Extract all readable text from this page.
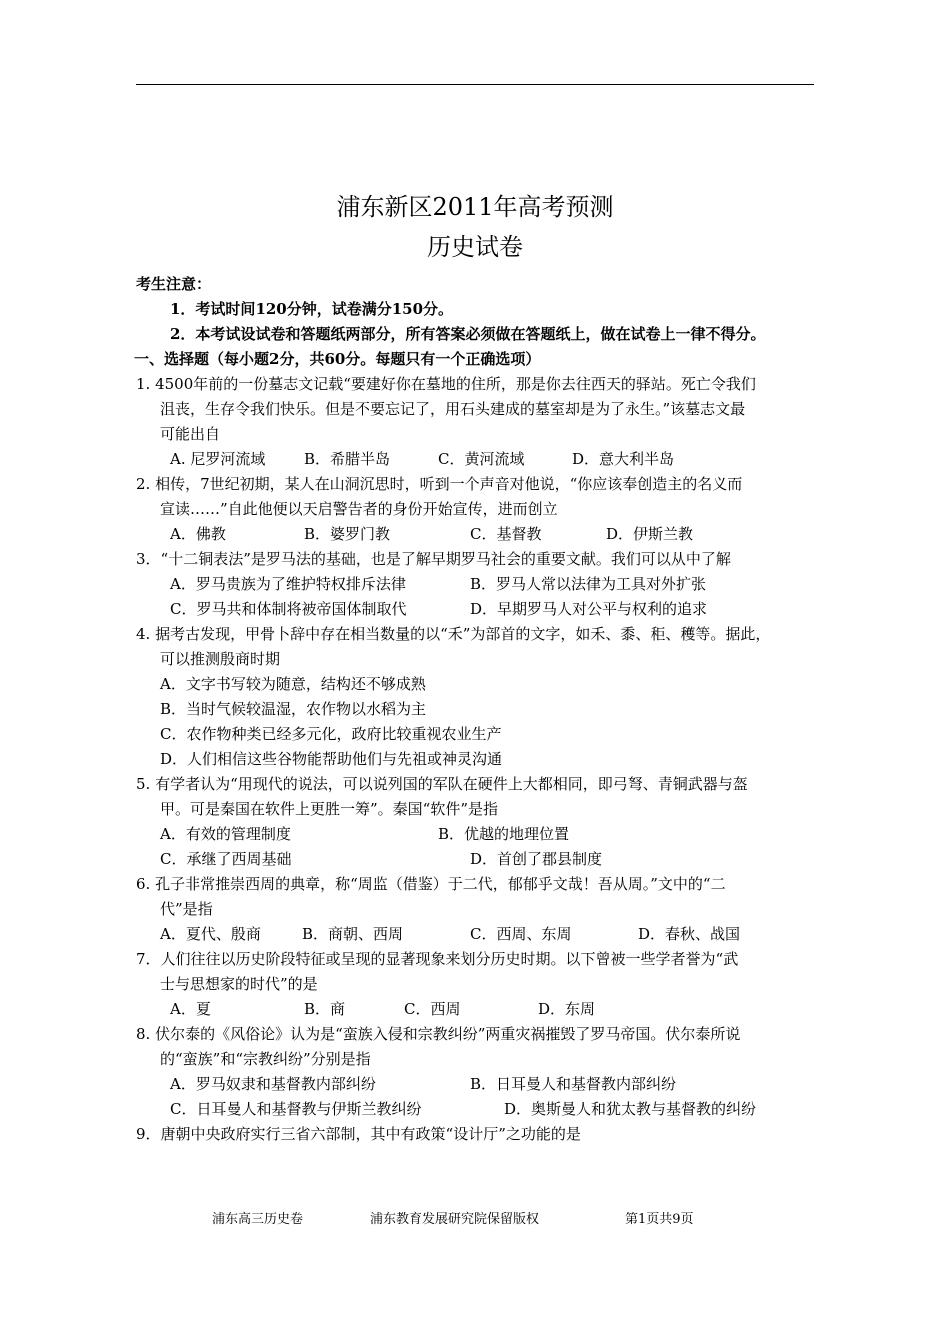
浦东新区2011年高考预测
历史试卷
考生注意：
1．考试时间120分钟，试卷满分150分。
2．本考试设试卷和答题纸两部分，所有答案必须做在答题纸上，做在试卷上一律不得分。
一、选择题（每小题2分，共60分。每题只有一个正确选项）
1. 4500年前的一份墓志文记载“要建好你在墓地的住所，那是你去往西天的驿站。死亡令我们
沮丧，生存令我们快乐。但是不要忘记了，用石头建成的墓室却是为了永生。”该墓志文最
可能出自
A. 尼罗河流域	B．希腊半岛	C．黄河流域	D．意大利半岛
2. 相传，7世纪初期，某人在山洞沉思时，听到一个声音对他说，“你应该奉创造主的名义而
宣读……”自此他便以天启警告者的身份开始宣传，进而创立
A．佛教	B．婆罗门教	C．基督教	D．伊斯兰教
3．“十二铜表法”是罗马法的基础，也是了解早期罗马社会的重要文献。我们可以从中了解
A．罗马贵族为了维护特权排斥法律	B．罗马人常以法律为工具对外扩张
C．罗马共和体制将被帝国体制取代	D．早期罗马人对公平与权利的追求
4. 据考古发现，甲骨卜辞中存在相当数量的以“禾”为部首的文字，如禾、黍、秬、穫等。据此，
可以推测殷商时期
A．文字书写较为随意，结构还不够成熟
B．当时气候较温湿，农作物以水稻为主
C．农作物种类已经多元化，政府比较重视农业生产
D．人们相信这些谷物能帮助他们与先祖或神灵沟通
5. 有学者认为“用现代的说法，可以说列国的军队在硬件上大都相同，即弓弩、青铜武器与盔
甲。可是秦国在软件上更胜一筹”。秦国“软件”是指
A．有效的管理制度	B．优越的地理位置
C．承继了西周基础	D．首创了郡县制度
6. 孔子非常推崇西周的典章，称“周监（借鉴）于二代，郁郁乎文哉！吾从周。”文中的“二
代”是指
A．夏代、殷商	B．商朝、西周	C．西周、东周	D．春秋、战国
7．人们往往以历史阶段特征或呈现的显著现象来划分历史时期。以下曾被一些学者誉为“武
士与思想家的时代”的是
A．夏	B．商	C．西周	D．东周
8. 伏尔泰的《风俗论》认为是“蛮族入侵和宗教纠纷”两重灾祸摧毁了罗马帝国。伏尔泰所说
的“蛮族”和“宗教纠纷”分别是指
A．罗马奴隶和基督教内部纠纷	B．日耳曼人和基督教内部纠纷
C．日耳曼人和基督教与伊斯兰教纠纷	D．奥斯曼人和犹太教与基督教的纠纷
9．唐朝中央政府实行三省六部制，其中有政策“设计厅”之功能的是
浦东高三历史卷	浦东教育发展研究院保留版权	第1页共9页
